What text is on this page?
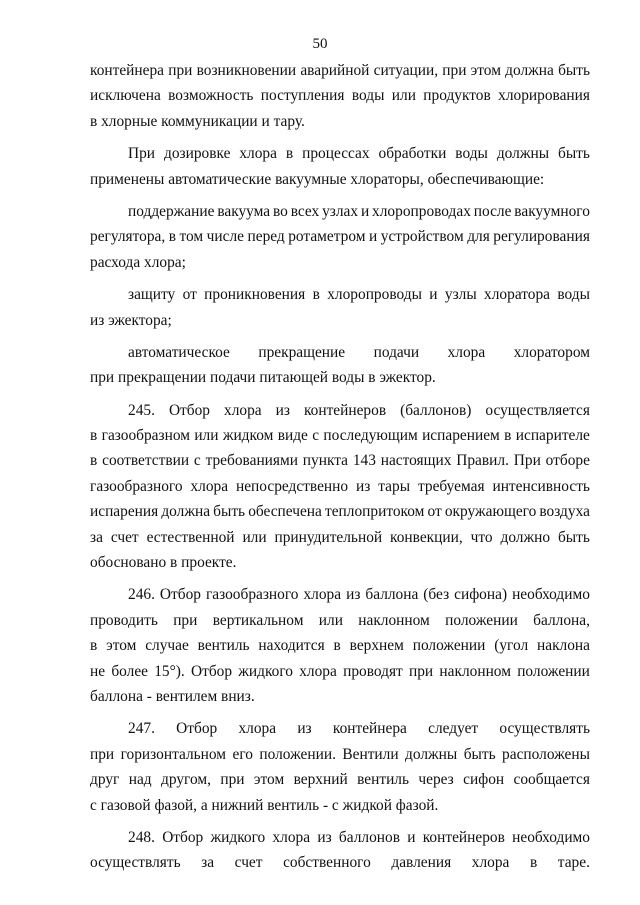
50
контейнера при возникновении аварийной ситуации, при этом должна быть
исключена возможность поступления воды или продуктов хлорирования
в хлорные коммуникации и тару.
При дозировке хлора в процессах обработки воды должны быть
применены автоматические вакуумные хлораторы, обеспечивающие:
поддержание вакуума во всех узлах и хлоропроводах после вакуумного
регулятора, в том числе перед ротаметром и устройством для регулирования
расхода хлора;
защиту от проникновения в хлоропроводы и узлы хлоратора воды
из эжектора;
автоматическое прекращение подачи хлора хлоратором
при прекращении подачи питающей воды в эжектор.
245. Отбор хлора из контейнеров (баллонов) осуществляется
в газообразном или жидком виде с последующим испарением в испарителе
в соответствии с требованиями пункта 143 настоящих Правил. При отборе
газообразного хлора непосредственно из тары требуемая интенсивность
испарения должна быть обеспечена теплопритоком от окружающего воздуха
за счет естественной или принудительной конвекции, что должно быть
обосновано в проекте.
246. Отбор газообразного хлора из баллона (без сифона) необходимо
проводить при вертикальном или наклонном положении баллона,
в этом случае вентиль находится в верхнем положении (угол наклона
не более 15°). Отбор жидкого хлора проводят при наклонном положении
баллона - вентилем вниз.
247. Отбор хлора из контейнера следует осуществлять
при горизонтальном его положении. Вентили должны быть расположены
друг над другом, при этом верхний вентиль через сифон сообщается
с газовой фазой, а нижний вентиль - с жидкой фазой.
248. Отбор жидкого хлора из баллонов и контейнеров необходимо
осуществлять за счет собственного давления хлора в таре.
